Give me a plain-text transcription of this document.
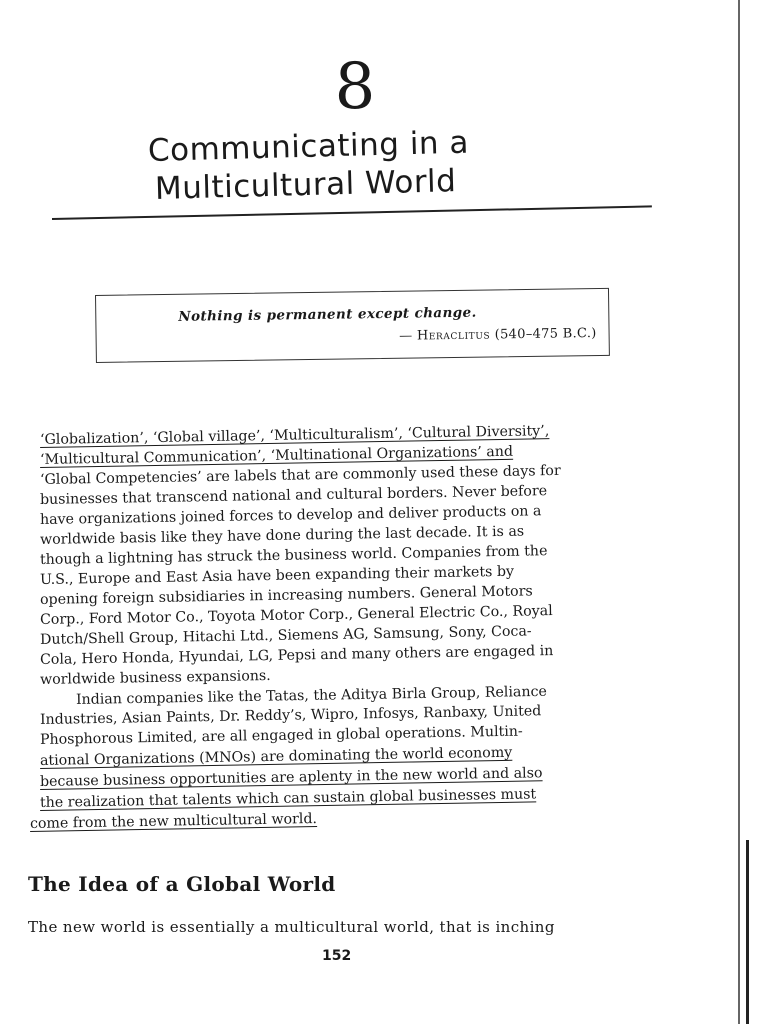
8
Communicating in a
Multicultural World
Nothing is permanent except change.
— Heraclitus (540–475 B.C.)
‘Globalization’, ‘Global village’, ‘Multiculturalism’, ‘Cultural Diversity’,
‘Multicultural Communication’, ‘Multinational Organizations’ and
‘Global Competencies’ are labels that are commonly used these days for
businesses that transcend national and cultural borders. Never before
have organizations joined forces to develop and deliver products on a
worldwide basis like they have done during the last decade. It is as
though a lightning has struck the business world. Companies from the
U.S., Europe and East Asia have been expanding their markets by
opening foreign subsidiaries in increasing numbers. General Motors
Corp., Ford Motor Co., Toyota Motor Corp., General Electric Co., Royal
Dutch/Shell Group, Hitachi Ltd., Siemens AG, Samsung, Sony, Coca-
Cola, Hero Honda, Hyundai, LG, Pepsi and many others are engaged in
worldwide business expansions.
Indian companies like the Tatas, the Aditya Birla Group, Reliance
Industries, Asian Paints, Dr. Reddy’s, Wipro, Infosys, Ranbaxy, United
Phosphorous Limited, are all engaged in global operations. Multin-
ational Organizations (MNOs) are dominating the world economy
because business opportunities are aplenty in the new world and also
the realization that talents which can sustain global businesses must
come from the new multicultural world.
The Idea of a Global World
The new world is essentially a multicultural world, that is inching
152
